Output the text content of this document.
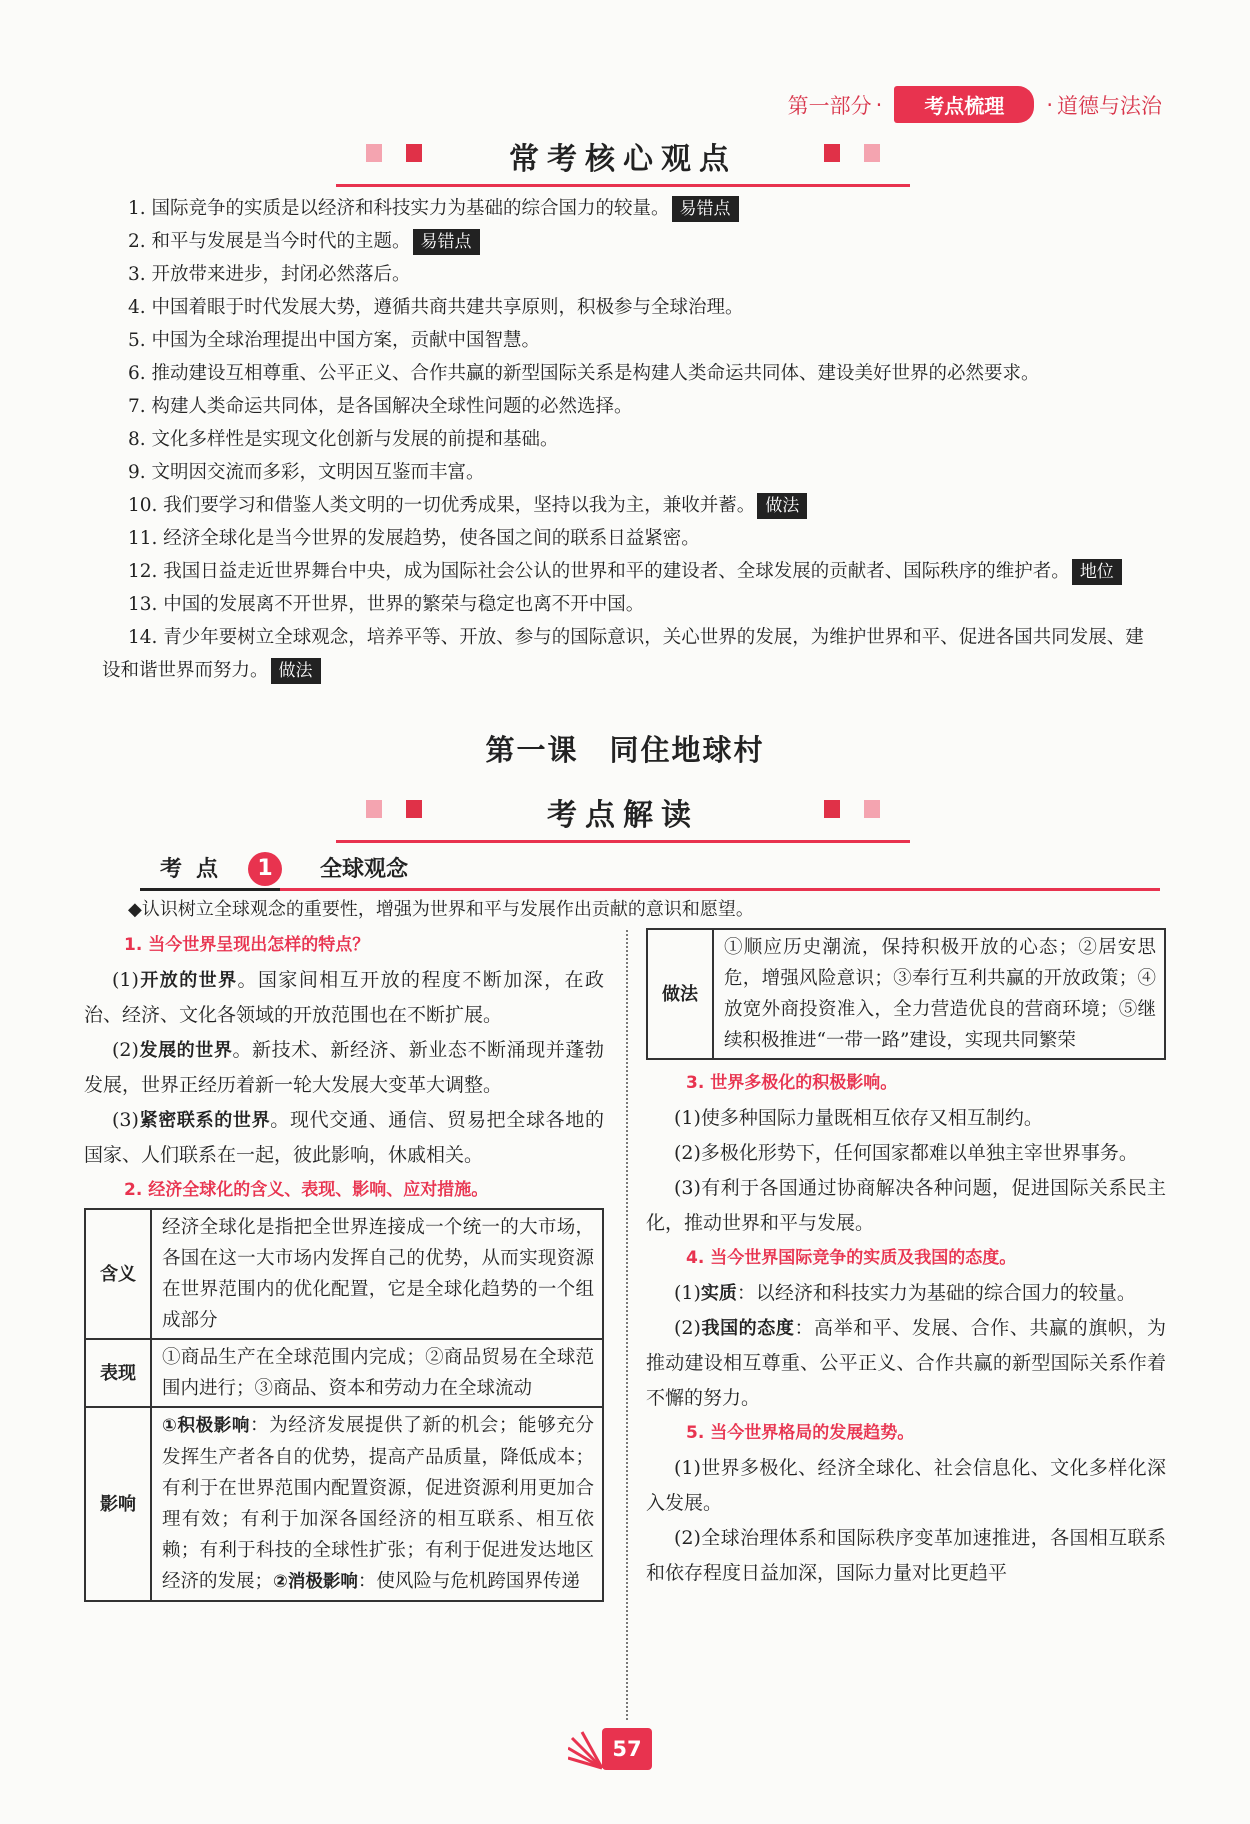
第一部分 ·	考点梳理	· 道德与法治
常考核心观点
1. 国际竞争的实质是以经济和科技实力为基础的综合国力的较量。 易错点
2. 和平与发展是当今时代的主题。 易错点
3. 开放带来进步，封闭必然落后。
4. 中国着眼于时代发展大势，遵循共商共建共享原则，积极参与全球治理。
5. 中国为全球治理提出中国方案，贡献中国智慧。
6. 推动建设互相尊重、公平正义、合作共赢的新型国际关系是构建人类命运共同体、建设美好世界的必然要求。
7. 构建人类命运共同体，是各国解决全球性问题的必然选择。
8. 文化多样性是实现文化创新与发展的前提和基础。
9. 文明因交流而多彩，文明因互鉴而丰富。
10. 我们要学习和借鉴人类文明的一切优秀成果，坚持以我为主，兼收并蓄。 做法
11. 经济全球化是当今世界的发展趋势，使各国之间的联系日益紧密。
12. 我国日益走近世界舞台中央，成为国际社会公认的世界和平的建设者、全球发展的贡献者、国际秩序的维护者。 地位
13. 中国的发展离不开世界，世界的繁荣与稳定也离不开中国。
14. 青少年要树立全球观念，培养平等、开放、参与的国际意识，关心世界的发展，为维护世界和平、促进各国共同发展、建设和谐世界而努力。 做法
第一课　同住地球村
考点解读
考点	1	全球观念
◆认识树立全球观念的重要性，增强为世界和平与发展作出贡献的意识和愿望。
1. 当今世界呈现出怎样的特点？
(1)开放的世界。国家间相互开放的程度不断加深，在政治、经济、文化各领域的开放范围也在不断扩展。
(2)发展的世界。新技术、新经济、新业态不断涌现并蓬勃发展，世界正经历着新一轮大发展大变革大调整。
(3)紧密联系的世界。现代交通、通信、贸易把全球各地的国家、人们联系在一起，彼此影响，休戚相关。
2. 经济全球化的含义、表现、影响、应对措施。
含义	经济全球化是指把全世界连接成一个统一的大市场，各国在这一大市场内发挥自己的优势，从而实现资源在世界范围内的优化配置，它是全球化趋势的一个组成部分
表现	①商品生产在全球范围内完成；②商品贸易在全球范围内进行；③商品、资本和劳动力在全球流动
影响	①积极影响：为经济发展提供了新的机会；能够充分发挥生产者各自的优势，提高产品质量，降低成本；有利于在世界范围内配置资源，促进资源利用更加合理有效；有利于加深各国经济的相互联系、相互依赖；有利于科技的全球性扩张；有利于促进发达地区经济的发展；②消极影响：使风险与危机跨国界传递
做法	①顺应历史潮流，保持积极开放的心态；②居安思危，增强风险意识；③奉行互利共赢的开放政策；④放宽外商投资准入，全力营造优良的营商环境；⑤继续积极推进“一带一路”建设，实现共同繁荣
3. 世界多极化的积极影响。
(1)使多种国际力量既相互依存又相互制约。
(2)多极化形势下，任何国家都难以单独主宰世界事务。
(3)有利于各国通过协商解决各种问题，促进国际关系民主化，推动世界和平与发展。
4. 当今世界国际竞争的实质及我国的态度。
(1)实质：以经济和科技实力为基础的综合国力的较量。
(2)我国的态度：高举和平、发展、合作、共赢的旗帜，为推动建设相互尊重、公平正义、合作共赢的新型国际关系作着不懈的努力。
5. 当今世界格局的发展趋势。
(1)世界多极化、经济全球化、社会信息化、文化多样化深入发展。
(2)全球治理体系和国际秩序变革加速推进，各国相互联系和依存程度日益加深，国际力量对比更趋平
57
